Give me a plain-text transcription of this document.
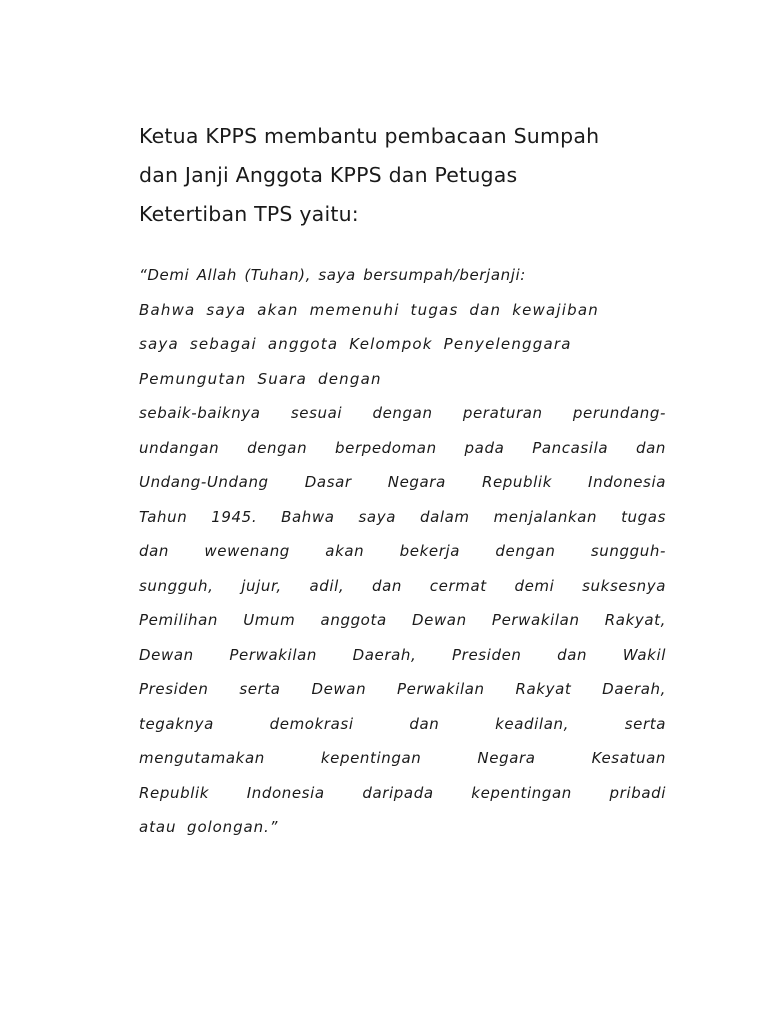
Ketua KPPS membantu pembacaan Sumpah
dan Janji Anggota KPPS dan Petugas
Ketertiban TPS yaitu:
“Demi Allah (Tuhan), saya bersumpah/berjanji:
Bahwa saya akan memenuhi tugas dan kewajiban
saya sebagai anggota Kelompok Penyelenggara
Pemungutan Suara dengan
sebaik-baiknya sesuai dengan peraturan perundang-
undangan dengan berpedoman pada Pancasila dan
Undang-Undang Dasar Negara Republik Indonesia
Tahun 1945. Bahwa saya dalam menjalankan tugas
dan wewenang akan bekerja dengan sungguh-
sungguh, jujur, adil, dan cermat demi suksesnya
Pemilihan Umum anggota Dewan Perwakilan Rakyat,
Dewan Perwakilan Daerah, Presiden dan Wakil
Presiden serta Dewan Perwakilan Rakyat Daerah,
tegaknya demokrasi dan keadilan, serta
mengutamakan kepentingan Negara Kesatuan
Republik Indonesia daripada kepentingan pribadi
atau golongan.”
